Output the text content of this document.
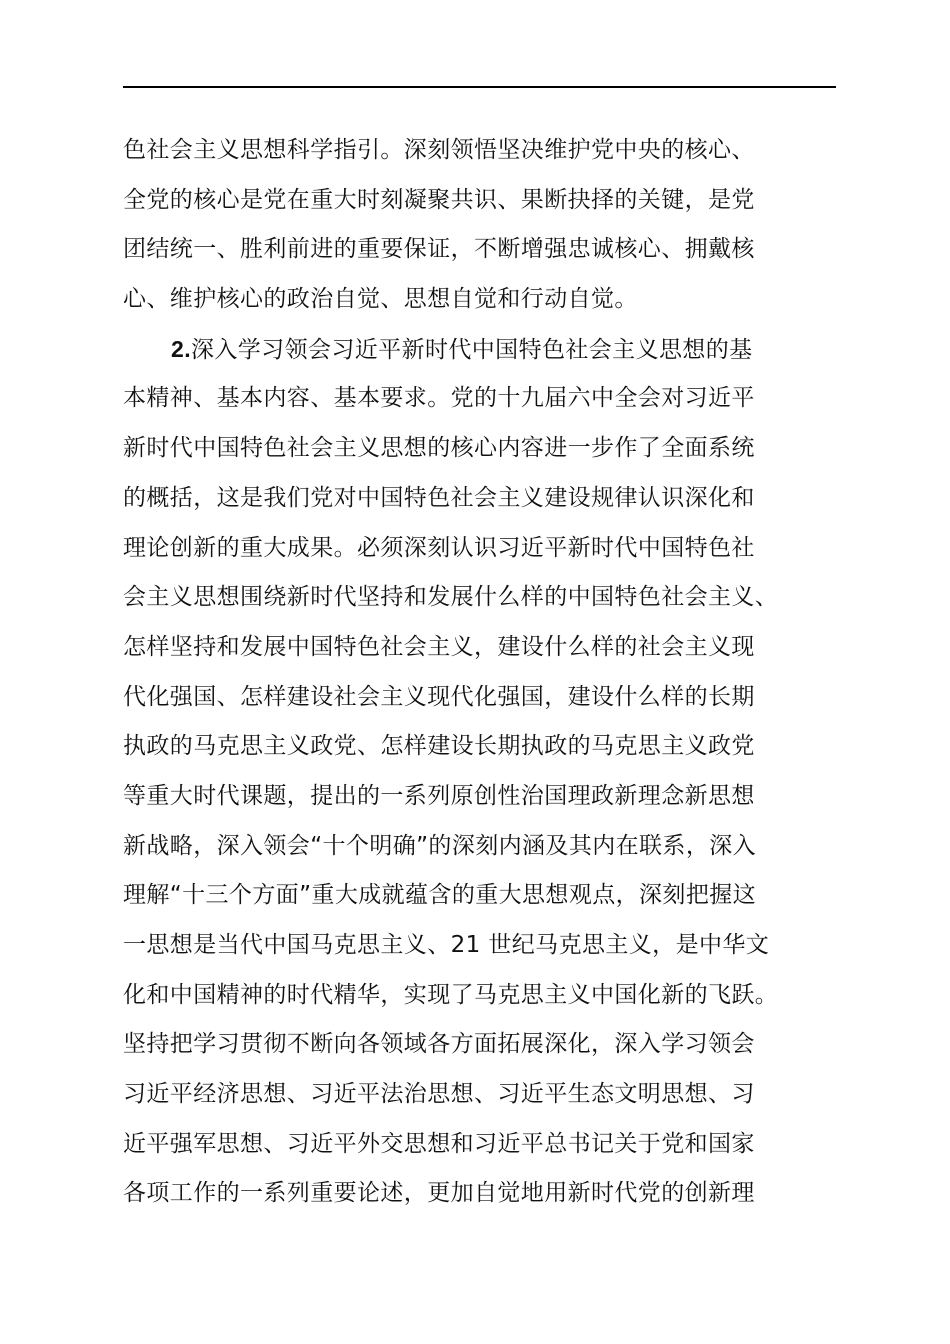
色社会主义思想科学指引。深刻领悟坚决维护党中央的核心、
全党的核心是党在重大时刻凝聚共识、果断抉择的关键，是党
团结统一、胜利前进的重要保证，不断增强忠诚核心、拥戴核
心、维护核心的政治自觉、思想自觉和行动自觉。
2.深入学习领会习近平新时代中国特色社会主义思想的基
本精神、基本内容、基本要求。党的十九届六中全会对习近平
新时代中国特色社会主义思想的核心内容进一步作了全面系统
的概括，这是我们党对中国特色社会主义建设规律认识深化和
理论创新的重大成果。必须深刻认识习近平新时代中国特色社
会主义思想围绕新时代坚持和发展什么样的中国特色社会主义、
怎样坚持和发展中国特色社会主义，建设什么样的社会主义现
代化强国、怎样建设社会主义现代化强国，建设什么样的长期
执政的马克思主义政党、怎样建设长期执政的马克思主义政党
等重大时代课题，提出的一系列原创性治国理政新理念新思想
新战略，深入领会“十个明确”的深刻内涵及其内在联系，深入
理解“十三个方面”重大成就蕴含的重大思想观点，深刻把握这
一思想是当代中国马克思主义、21 世纪马克思主义，是中华文
化和中国精神的时代精华，实现了马克思主义中国化新的飞跃。
坚持把学习贯彻不断向各领域各方面拓展深化，深入学习领会
习近平经济思想、习近平法治思想、习近平生态文明思想、习
近平强军思想、习近平外交思想和习近平总书记关于党和国家
各项工作的一系列重要论述，更加自觉地用新时代党的创新理
